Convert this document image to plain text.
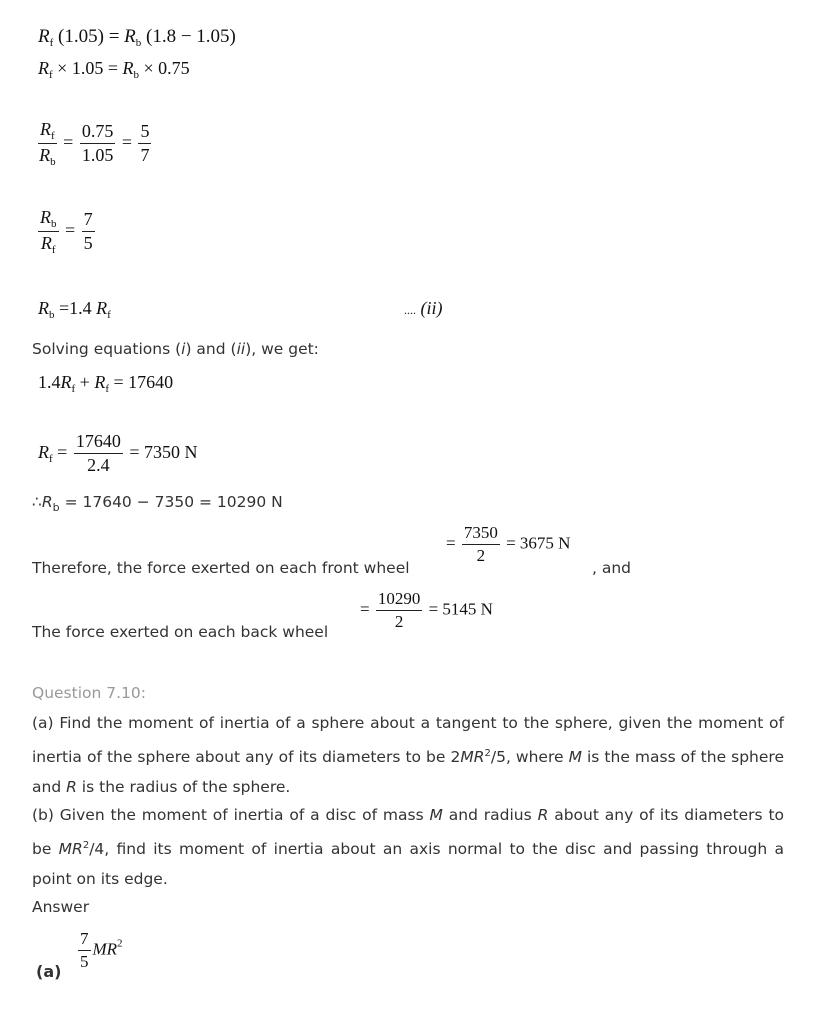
$R_f$ $(1.05) = R_b$ (1.8 − 1.05)
$R_f \times 1.05 = R_b \times 0.75$
$\frac{R_f}{R_b} = \frac{0.75}{1.05} = \frac{5}{7}$
$\frac{R_b}{R_f} = \frac{7}{5}$
$R_b =1.4$ $R_f$	.... (ii)
Solving equations (i) and (ii), we get:
$1.4R_f + R_f = 17640$
$R_f = \frac{17640}{2.4} = 7350$ N
$\therefore R_b = 17640 - 7350 = 10290$ N
Therefore, the force exerted on each front wheel
= $\frac{7350}{2} = 3675$ N
, and
The force exerted on each back wheel
= $\frac{10290}{2} = 5145$ N
Question 7.10:
(a) Find the moment of inertia of a sphere about a tangent to the sphere, given the moment of inertia of the sphere about any of its diameters to be $2MR^2/5$, where M is the mass of the sphere and R is the radius of the sphere.
(b) Given the moment of inertia of a disc of mass M and radius R about any of its diameters to be $MR^2/4$, find its moment of inertia about an axis normal to the disc and passing through a point on its edge.
Answer
(a)
$\frac{7}{5} MR^2$
